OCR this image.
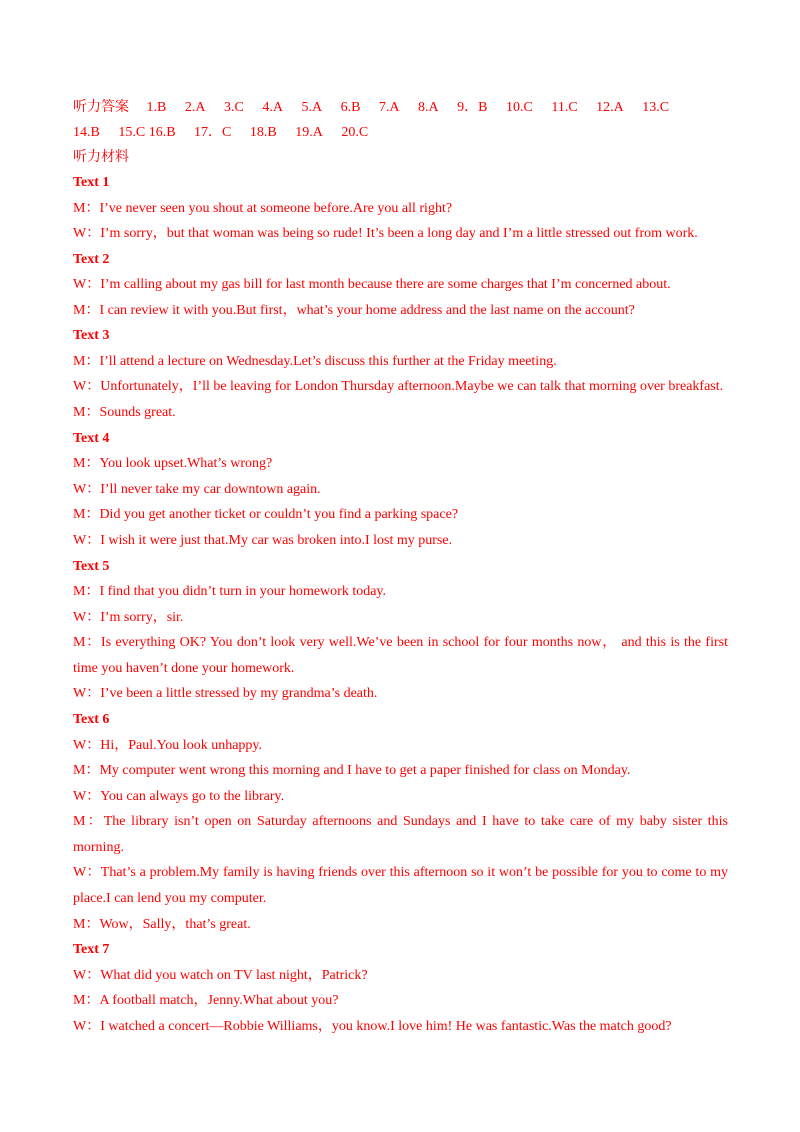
听力答案 1.B 2.A 3.C 4.A 5.A 6.B 7.A 8.A 9．B 10.C 11.C 12.A 13.C 14.B 15.C 16.B 17．C 18.B 19.A 20.C

听力材料

Text 1

M：I’ve never seen you shout at someone before.Are you all right?

W：I’m sorry，but that woman was being so rude! It’s been a long day and I’m a little stressed out from work.

Text 2

W：I’m calling about my gas bill for last month because there are some charges that I’m concerned about.

M：I can review it with you.But first，what’s your home address and the last name on the account?

Text 3

M：I’ll attend a lecture on Wednesday.Let’s discuss this further at the Friday meeting.

W：Unfortunately，I’ll be leaving for London Thursday afternoon.Maybe we can talk that morning over breakfast.

M：Sounds great.

Text 4

M：You look upset.What’s wrong?

W：I’ll never take my car downtown again.

M：Did you get another ticket or couldn’t you find a parking space?

W：I wish it were just that.My car was broken into.I lost my purse.

Text 5

M：I find that you didn’t turn in your homework today.

W：I’m sorry，sir.

M：Is everything OK? You don’t look very well.We’ve been in school for four months now， and this is the first time you haven’t done your homework.

W：I’ve been a little stressed by my grandma’s death.

Text 6

W：Hi，Paul.You look unhappy.

M：My computer went wrong this morning and I have to get a paper finished for class on Monday.

W：You can always go to the library.

M：The library isn’t open on Saturday afternoons and Sundays and I have to take care of my baby sister this morning.

W：That’s a problem.My family is having friends over this afternoon so it won’t be possible for you to come to my place.I can lend you my computer.

M：Wow，Sally，that’s great.

Text 7

W：What did you watch on TV last night，Patrick?

M：A football match，Jenny.What about you?

W：I watched a concert—Robbie Williams，you know.I love him! He was fantastic.Was the match good?
